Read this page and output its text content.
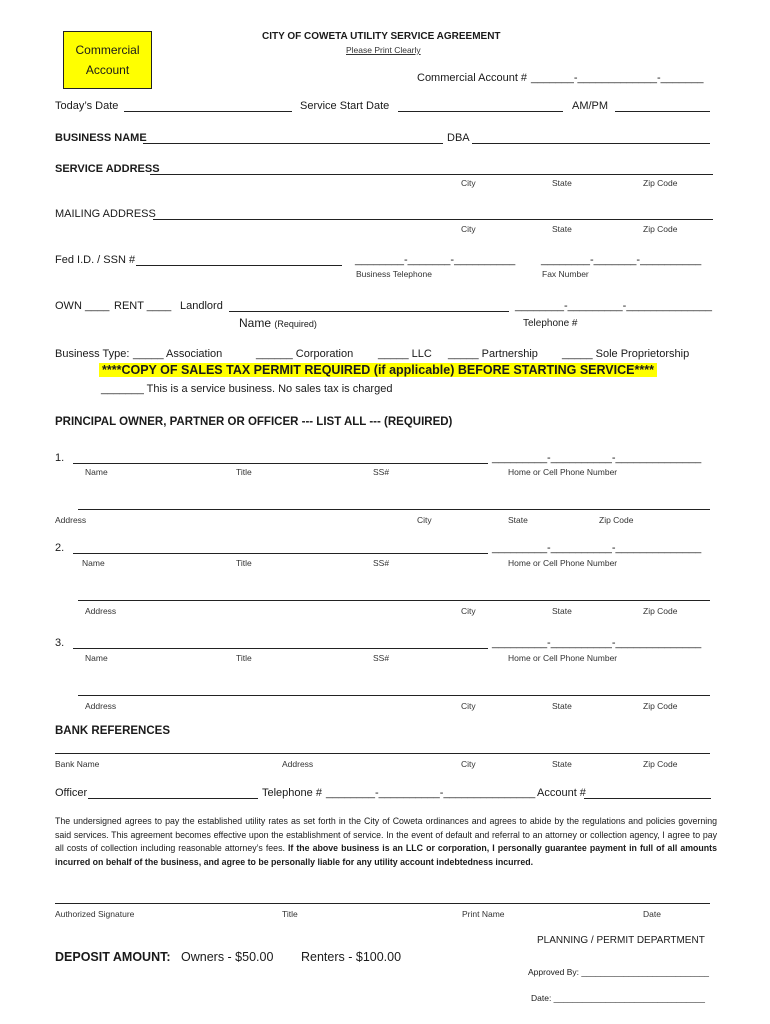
Commercial
Account
CITY OF COWETA UTILITY SERVICE AGREEMENT
Please Print Clearly
Commercial Account # _______-_____________-_______
Today’s Date	Service Start Date	AM/PM
BUSINESS NAME	DBA
SERVICE ADDRESS
City	State	Zip Code
MAILING ADDRESS
City	State	Zip Code
Fed I.D. / SSN #	________-_______-__________ ________-_______-__________
Business Telephone	Fax Number
OWN ____ RENT ____ Landlord	________-_________-______________
Name (Required)	Telephone #
Business Type: _____ Association	______ Corporation _____ LLC _____ Partnership _____ Sole Proprietorship
****COPY OF SALES TAX PERMIT REQUIRED (if applicable) BEFORE STARTING SERVICE****
_______ This is a service business. No sales tax is charged
PRINCIPAL OWNER, PARTNER OR OFFICER --- LIST ALL --- (REQUIRED)
1.	_________-__________-______________
Name	Title	SS#	Home or Cell Phone Number
Address	City	State	Zip Code
2.	_________-__________-______________
Name	Title	SS#	Home or Cell Phone Number
Address	City	State	Zip Code
3.	_________-__________-______________
Name	Title	SS#	Home or Cell Phone Number
Address	City	State	Zip Code
BANK REFERENCES
Bank Name	Address	City	State	Zip Code
Officer	Telephone # ________-__________-_______________ Account #
The undersigned agrees to pay the established utility rates as set forth in the City of Coweta ordinances and agrees to abide by the regulations and policies governing said services. This agreement becomes effective upon the establishment of service. In the event of default and referral to an attorney or collection agency, I agree to pay all costs of collection including reasonable attorney’s fees. If the above business is an LLC or corporation, I personally guarantee payment in full of all amounts incurred on behalf of the business, and agree to be personally liable for any utility account indebtedness incurred.
Authorized Signature	Title	Print Name	Date
PLANNING / PERMIT DEPARTMENT
DEPOSIT AMOUNT: Owners - $50.00 Renters - $100.00
Approved By: ___________________________
Date: ________________________________
